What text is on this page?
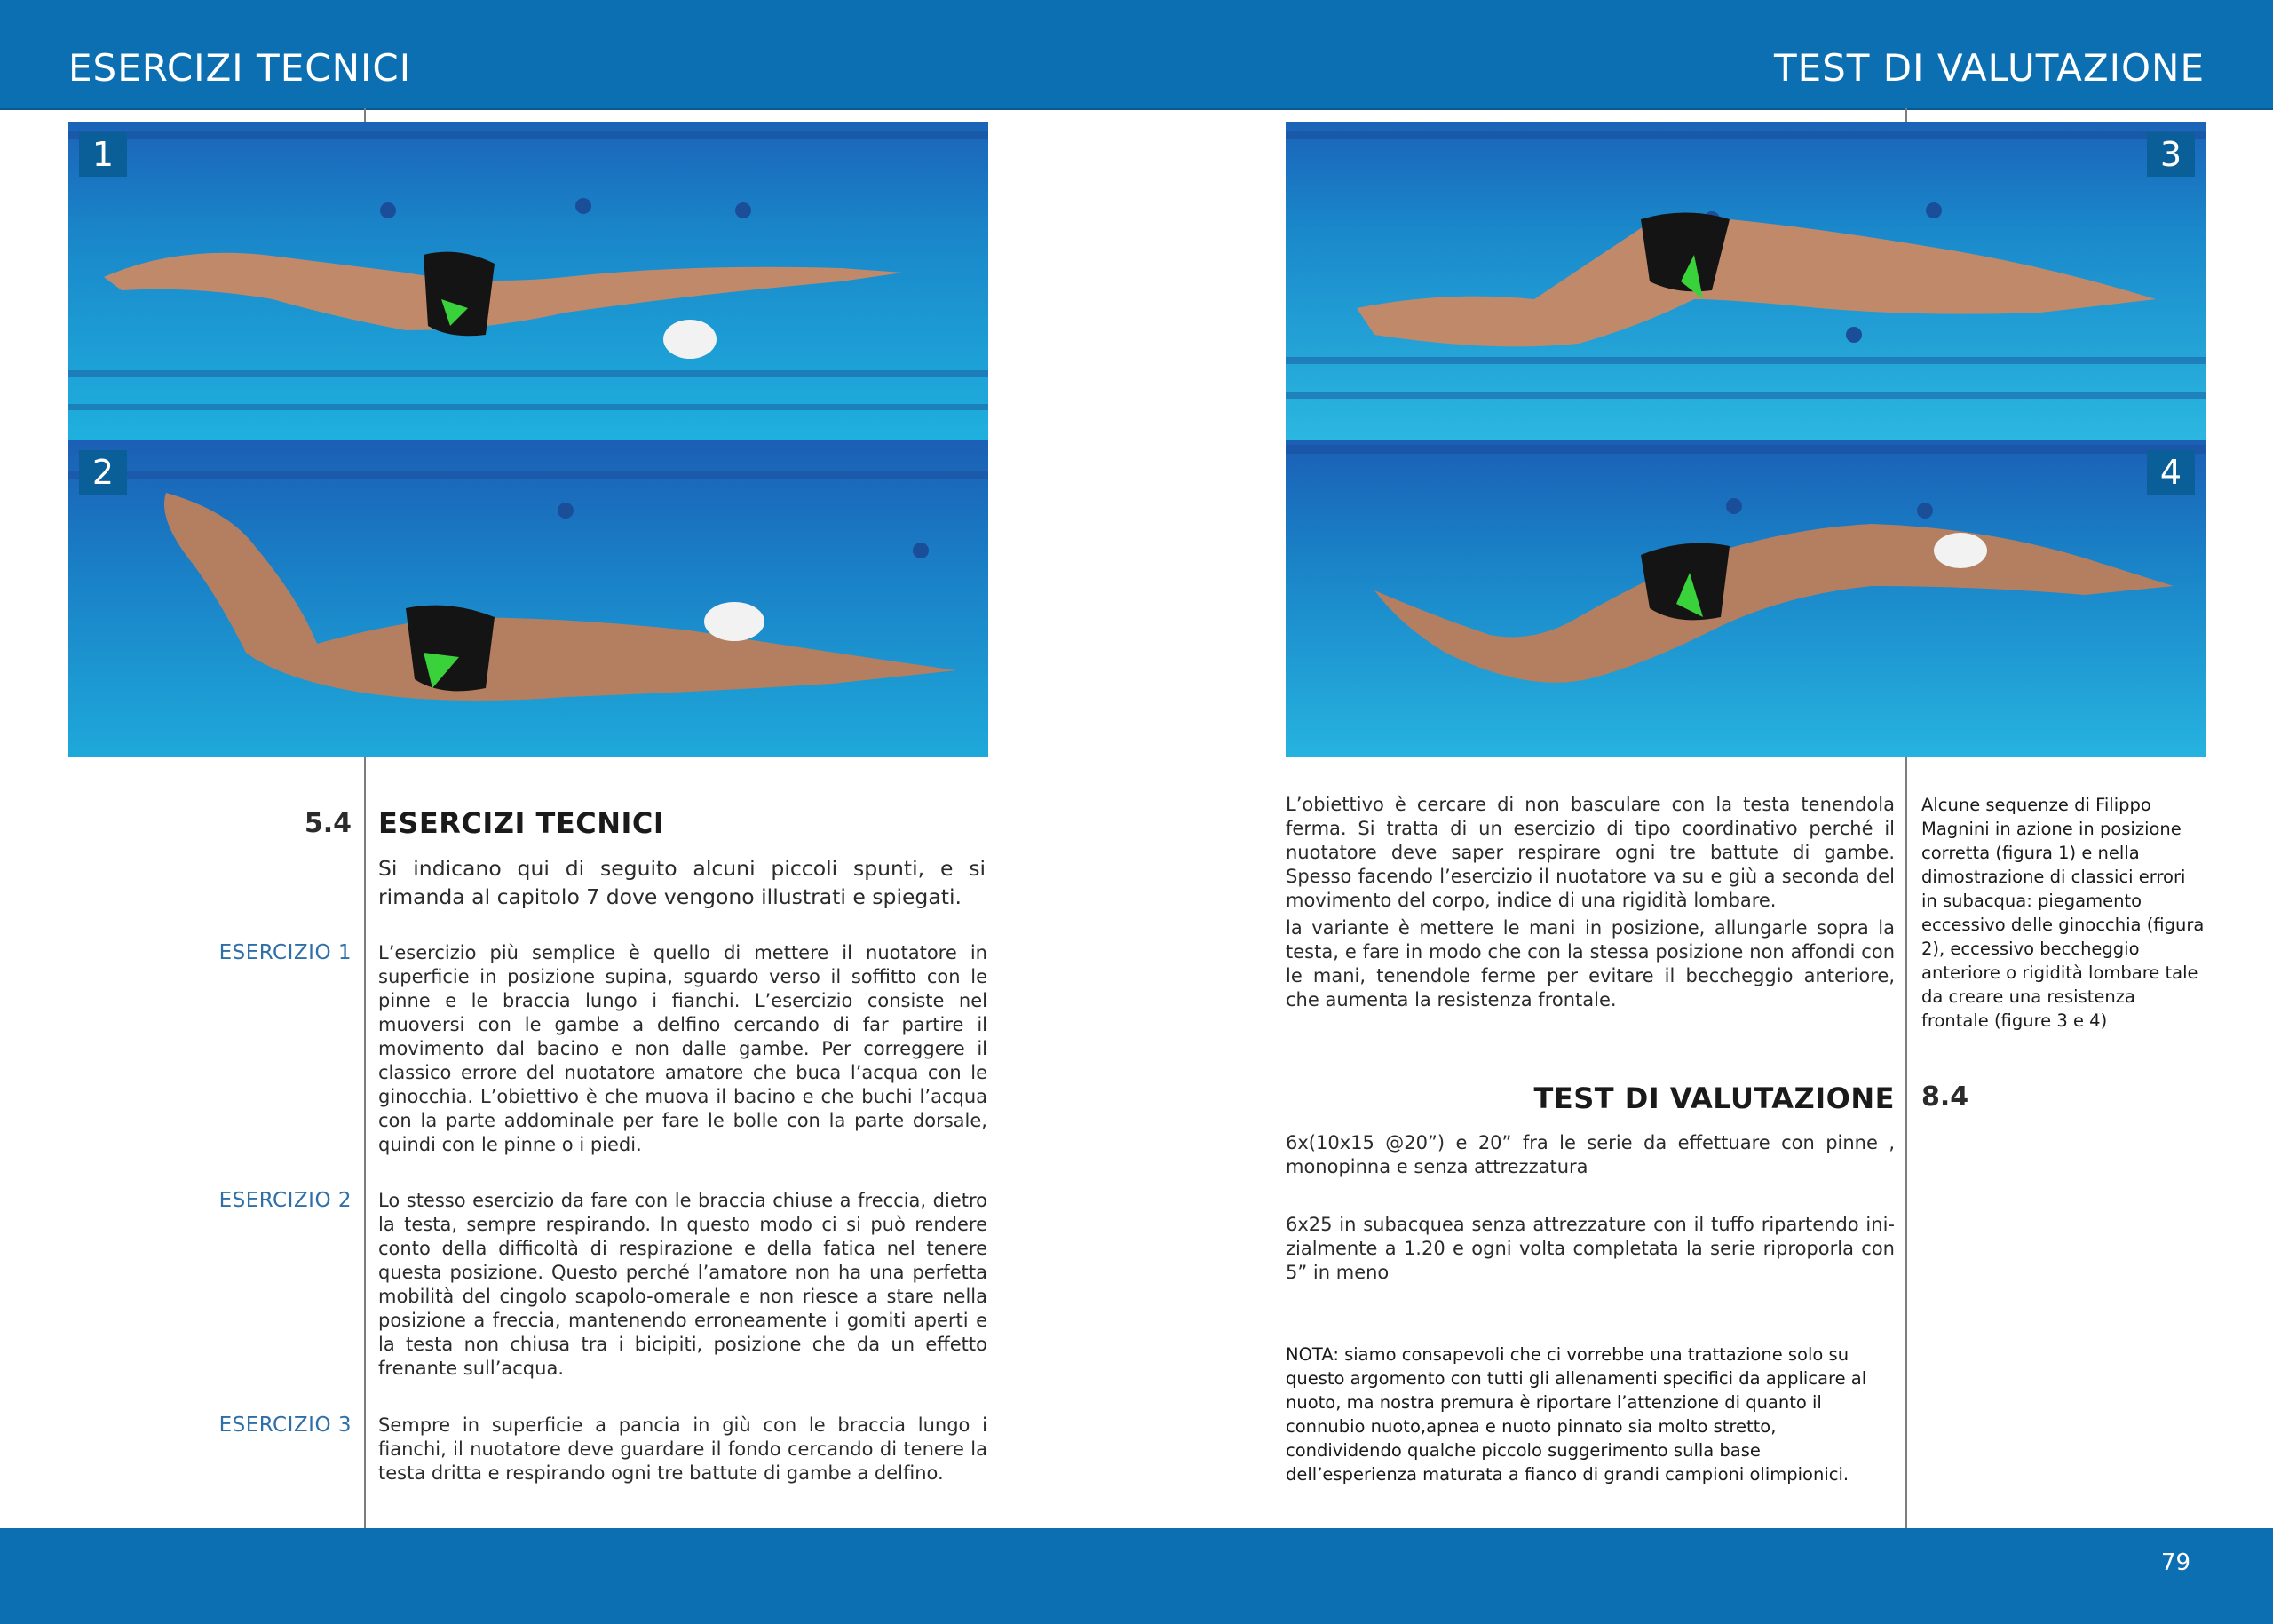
ESERCIZI TECNICI	TEST DI VALUTAZIONE
1
2
3
4
5.4 ESERCIZI TECNICI
Si indicano qui di seguito alcuni piccoli spunti, e si rimanda al capitolo 7 dove vengono illustrati e spiegati.
ESERCIZIO 1 L’esercizio più semplice è quello di mettere il nuotatore in superficie in posizione supina, sguardo verso il soffitto con le pinne e le braccia lungo i fianchi. L’esercizio consiste nel muoversi con le gambe a delfino cercando di far partire il movimento dal bacino e non dalle gambe. Per correggere il classico errore del nuotatore amatore che buca l’acqua con le ginocchia. L’obiettivo è che muova il bacino e che buchi l’acqua con la parte addominale per fare le bolle con la parte dorsale, quindi con le pinne o i piedi.
ESERCIZIO 2 Lo stesso esercizio da fare con le braccia chiuse a freccia, dietro la testa, sempre respirando. In questo modo ci si può rendere conto della difficoltà di respirazione e della fatica nel tenere questa posizione. Questo perché l’amatore non ha una perfetta mobilità del cingolo scapolo-omerale e non riesce a stare nella posizione a freccia, mantenendo erroneamente i gomiti aperti e la testa non chiusa tra i bicipiti, posizione che da un effetto frenante sull’acqua.
ESERCIZIO 3 Sempre in superficie a pancia in giù con le braccia lungo i fianchi, il nuotatore deve guardare il fondo cercando di tenere la testa dritta e respirando ogni tre battute di gambe a delfino.
L’obiettivo è cercare di non basculare con la testa tenendola ferma. Si tratta di un esercizio di tipo coordinativo perché il nuotatore deve saper respirare ogni tre battute di gambe. Spesso facendo l’esercizio il nuotatore va su e giù a seconda del movimento del corpo, indice di una rigidità lombare.
la variante è mettere le mani in posizione, allungarle sopra la testa, e fare in modo che con la stessa posizione non affondi con le mani, tenendole ferme per evitare il beccheggio anteriore, che aumenta la resistenza frontale.
Alcune sequenze di Filippo Magnini in azione in posizione corretta (figura 1) e nella dimostrazione di classici errori in subacqua: piegamento eccessivo delle ginocchia (figura 2), eccessivo beccheggio anteriore o rigidità lombare tale da creare una resistenza frontale (figure 3 e 4)
TEST DI VALUTAZIONE 8.4
6x(10x15 @20”) e 20” fra le serie da effettuare con pinne , monopinna e senza attrezzatura
6x25 in subacquea senza attrezzature con il tuffo ripartendo inizialmente a 1.20 e ogni volta completata la serie riproporla con 5” in meno
NOTA: siamo consapevoli che ci vorrebbe una trattazione solo su questo argomento con tutti gli allenamenti specifici da applicare al nuoto, ma nostra premura è riportare l’attenzione di quanto il connubio nuoto,apnea e nuoto pinnato sia molto stretto, condividendo qualche piccolo suggerimento sulla base dell’esperienza maturata a fianco di grandi campioni olimpionici.
79
